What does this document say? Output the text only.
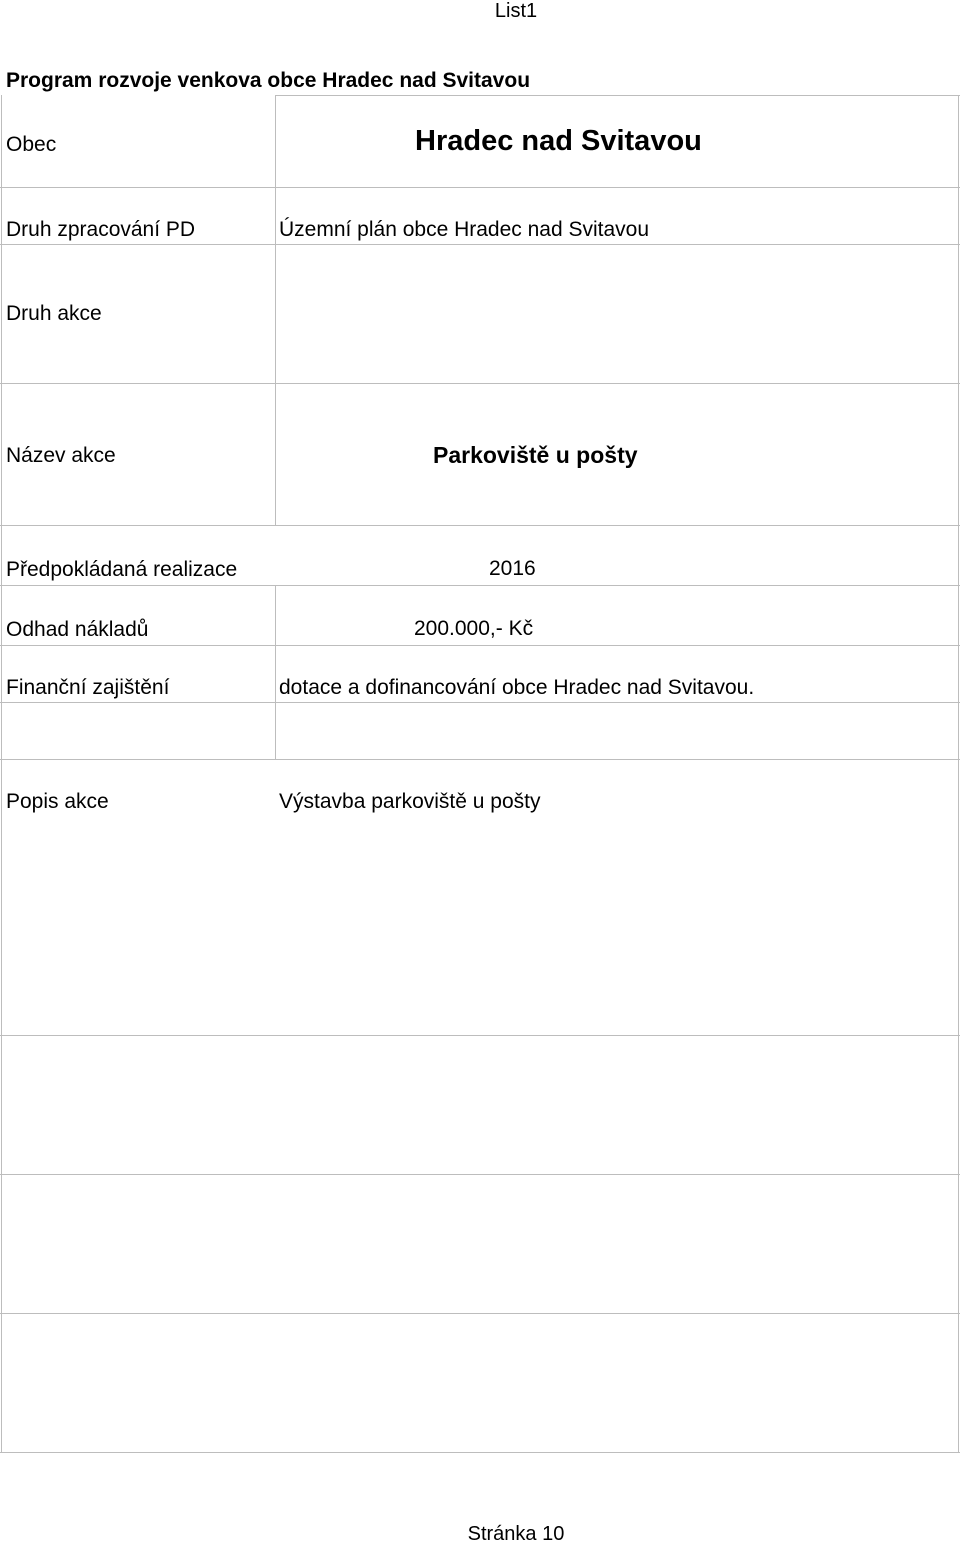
List1
Program rozvoje venkova obce Hradec nad Svitavou
Obec	Hradec nad Svitavou
Druh zpracování PD	Územní plán obce Hradec nad Svitavou
Druh akce
Název akce	Parkoviště u pošty
Předpokládaná realizace	2016
Odhad nákladů	200.000,- Kč
Finanční zajištění	dotace a dofinancování obce Hradec nad Svitavou.
Popis akce	Výstavba parkoviště u pošty
Stránka 10
